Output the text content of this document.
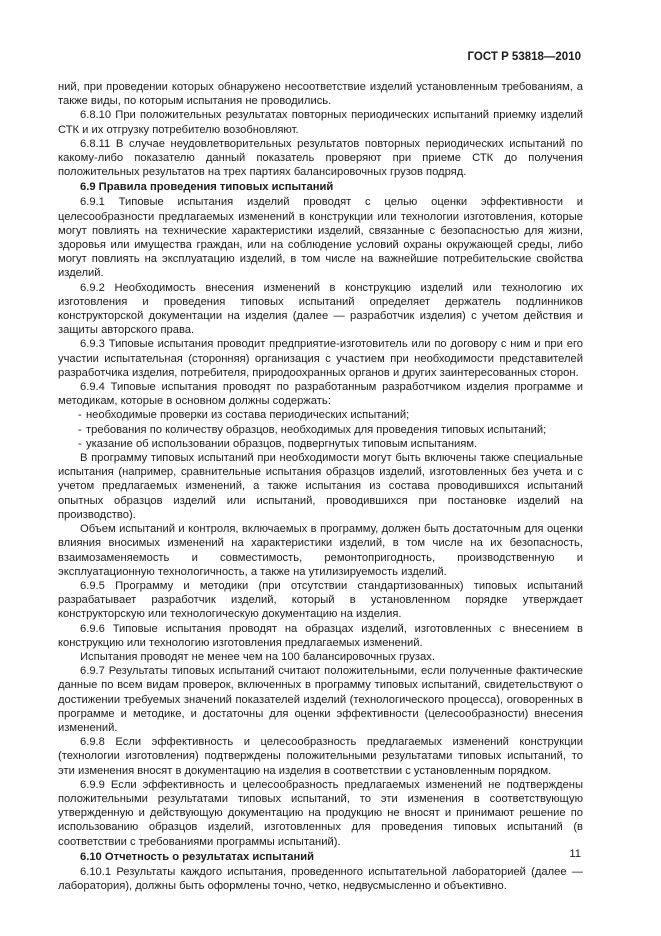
ГОСТ Р 53818—2010

ний, при проведении которых обнаружено несоответствие изделий установленным требованиям, а также виды, по которым испытания не проводились.

6.8.10 При положительных результатах повторных периодических испытаний приемку изделий СТК и их отгрузку потребителю возобновляют.

6.8.11 В случае неудовлетворительных результатов повторных периодических испытаний по какому-либо показателю данный показатель проверяют при приеме СТК до получения положительных результатов на трех партиях балансировочных грузов подряд.

6.9 Правила проведения типовых испытаний

6.9.1 Типовые испытания изделий проводят с целью оценки эффективности и целесообразности предлагаемых изменений в конструкции или технологии изготовления, которые могут повлиять на технические характеристики изделий, связанные с безопасностью для жизни, здоровья или имущества граждан, или на соблюдение условий охраны окружающей среды, либо могут повлиять на эксплуатацию изделий, в том числе на важнейшие потребительские свойства изделий.

6.9.2 Необходимость внесения изменений в конструкцию изделий или технологию их изготовления и проведения типовых испытаний определяет держатель подлинников конструкторской документации на изделия (далее — разработчик изделия) с учетом действия и защиты авторского права.

6.9.3 Типовые испытания проводит предприятие-изготовитель или по договору с ним и при его участии испытательная (сторонняя) организация с участием при необходимости представителей разработчика изделия, потребителя, природоохранных органов и других заинтересованных сторон.

6.9.4 Типовые испытания проводят по разработанным разработчиком изделия программе и методикам, которые в основном должны содержать:

- необходимые проверки из состава периодических испытаний;
- требования по количеству образцов, необходимых для проведения типовых испытаний;
- указание об использовании образцов, подвергнутых типовым испытаниям.

В программу типовых испытаний при необходимости могут быть включены также специальные испытания (например, сравнительные испытания образцов изделий, изготовленных без учета и с учетом предлагаемых изменений, а также испытания из состава проводившихся испытаний опытных образцов изделий или испытаний, проводившихся при постановке изделий на производство).

Объем испытаний и контроля, включаемых в программу, должен быть достаточным для оценки влияния вносимых изменений на характеристики изделий, в том числе на их безопасность, взаимозаменяемость и совместимость, ремонтопригодность, производственную и эксплуатационную технологичность, а также на утилизируемость изделий.

6.9.5 Программу и методики (при отсутствии стандартизованных) типовых испытаний разрабатывает разработчик изделий, который в установленном порядке утверждает конструкторскую или технологическую документацию на изделия.

6.9.6 Типовые испытания проводят на образцах изделий, изготовленных с внесением в конструкцию или технологию изготовления предлагаемых изменений.

Испытания проводят не менее чем на 100 балансировочных грузах.

6.9.7 Результаты типовых испытаний считают положительными, если полученные фактические данные по всем видам проверок, включенных в программу типовых испытаний, свидетельствуют о достижении требуемых значений показателей изделий (технологического процесса), оговоренных в программе и методике, и достаточны для оценки эффективности (целесообразности) внесения изменений.

6.9.8 Если эффективность и целесообразность предлагаемых изменений конструкции (технологии изготовления) подтверждены положительными результатами типовых испытаний, то эти изменения вносят в документацию на изделия в соответствии с установленным порядком.

6.9.9 Если эффективность и целесообразность предлагаемых изменений не подтверждены положительными результатами типовых испытаний, то эти изменения в соответствующую утвержденную и действующую документацию на продукцию не вносят и принимают решение по использованию образцов изделий, изготовленных для проведения типовых испытаний (в соответствии с требованиями программы испытаний).

6.10 Отчетность о результатах испытаний

6.10.1 Результаты каждого испытания, проведенного испытательной лабораторией (далее — лаборатория), должны быть оформлены точно, четко, недвусмысленно и объективно.

11
